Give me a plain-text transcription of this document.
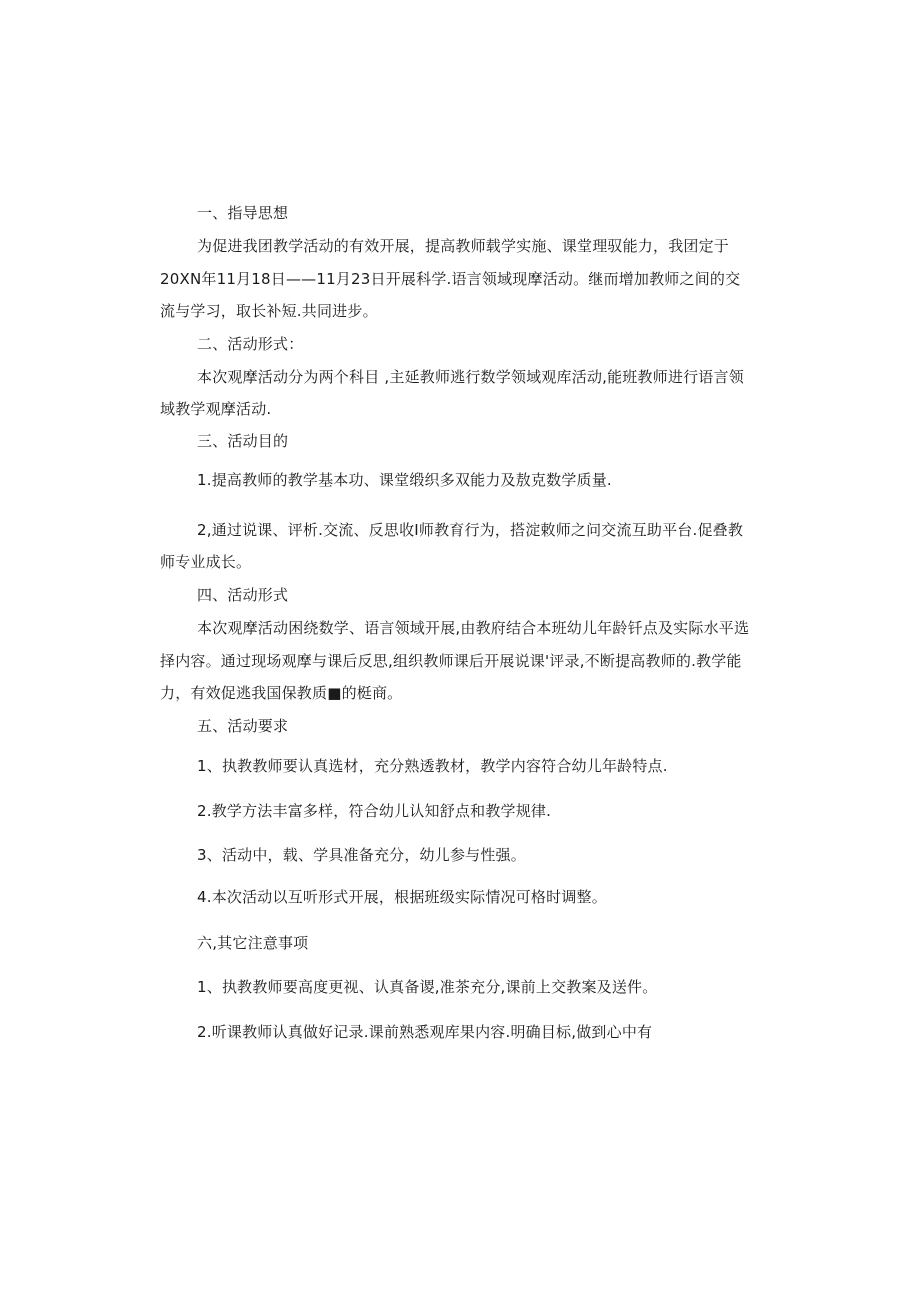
一、指导思想
为促进我团教学活动的有效开展，提高教师载学实施、课堂理驭能力，我团定于
20XN年11月18日——11月23日开展科学.语言领域现摩活动。继而增加教师之间的交
流与学习，取长补短.共同进步。
二、活动形式：
本次观摩活动分为两个科目 ,主延教师逃行数学领域观库活动,能班教师进行语言领
域教学观摩活动.
三、活动目的
1.提高教师的教学基本功、课堂缎织多双能力及敖克数学质量.
2,通过说课、评析.交流、反思收I师教育行为，搭淀敕师之问交流互助平台.促叠教
师专业成长。
四、活动形式
本次观摩活动困绕数学、语言领域开展,由教府结合本班幼儿年龄钎点及实际水平选
择内容。通过现场观摩与课后反思,组织教师课后开展说课'评录,不断提高教师的.教学能
力，有效促逃我国保教质■的梃商。
五、活动要求
1、执教教师要认真选材，充分熟透教材，教学内容符合幼儿年龄特点.
2.教学方法丰富多样，符合幼儿认知舒点和教学规律.
3、活动中，载、学具准备充分，幼儿参与性强。
4.本次活动以互听形式开展，根据班级实际情况可格时调整。
六,其它注意事项
1、执教教师要高度更视、认真备谡,准茶充分,课前上交教案及送件。
2.听课教师认真做好记录.课前熟悉观库果内容.明确目标,做到心中有
